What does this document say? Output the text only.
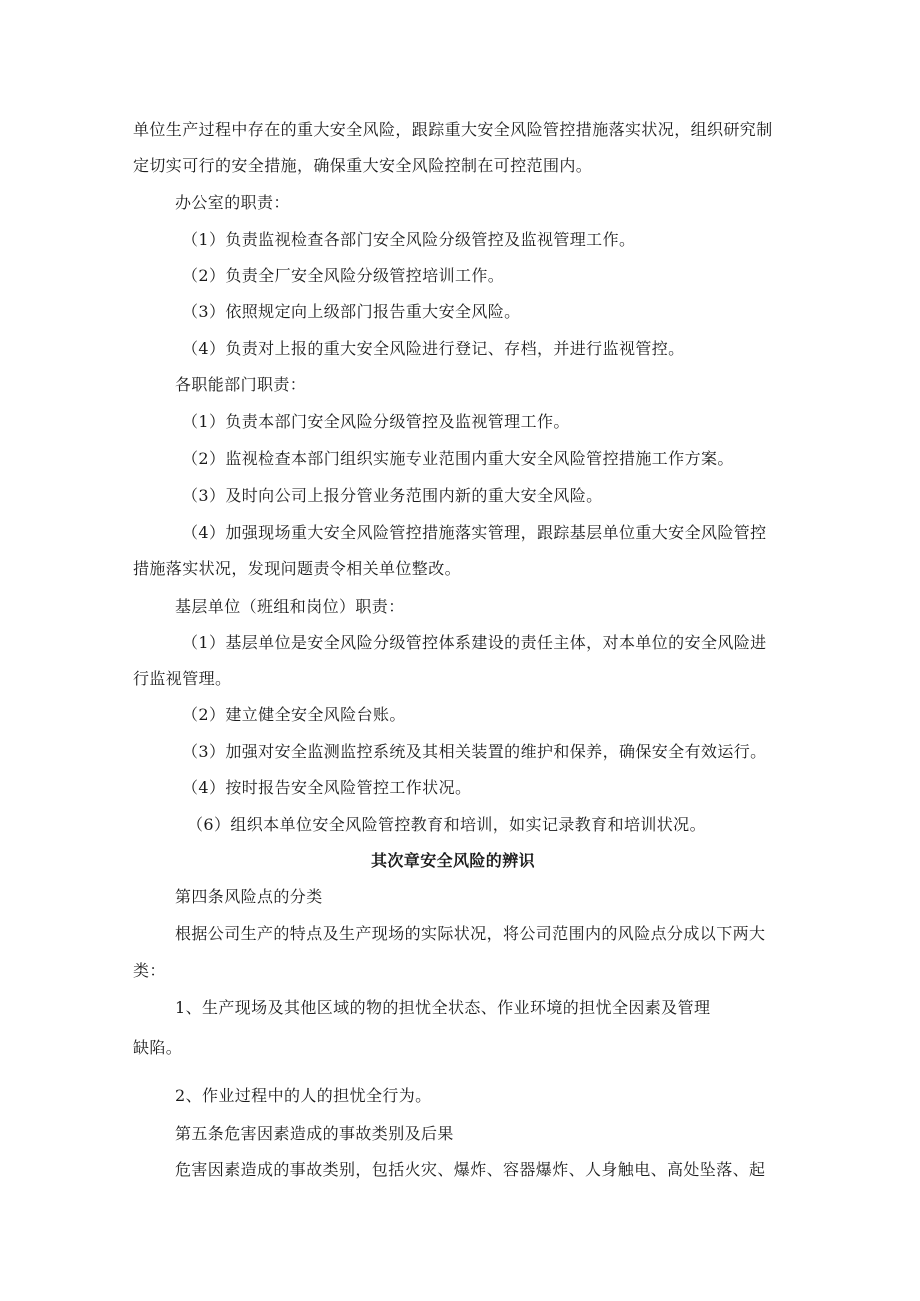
单位生产过程中存在的重大安全风险，跟踪重大安全风险管控措施落实状况，组织研究制
定切实可行的安全措施，确保重大安全风险控制在可控范围内。
办公室的职责：
（1）负责监视检查各部门安全风险分级管控及监视管理工作。
（2）负责全厂安全风险分级管控培训工作。
（3）依照规定向上级部门报告重大安全风险。
（4）负责对上报的重大安全风险进行登记、存档，并进行监视管控。
各职能部门职责：
（1）负责本部门安全风险分级管控及监视管理工作。
（2）监视检查本部门组织实施专业范围内重大安全风险管控措施工作方案。
（3）及时向公司上报分管业务范围内新的重大安全风险。
（4）加强现场重大安全风险管控措施落实管理，跟踪基层单位重大安全风险管控
措施落实状况，发现问题责令相关单位整改。
基层单位（班组和岗位）职责：
（1）基层单位是安全风险分级管控体系建设的责任主体，对本单位的安全风险进
行监视管理。
（2）建立健全安全风险台账。
（3）加强对安全监测监控系统及其相关装置的维护和保养，确保安全有效运行。
（4）按时报告安全风险管控工作状况。
（6）组织本单位安全风险管控教育和培训，如实记录教育和培训状况。
其次章安全风险的辨识
第四条风险点的分类
根据公司生产的特点及生产现场的实际状况，将公司范围内的风险点分成以下两大
类：
1、生产现场及其他区域的物的担忧全状态、作业环境的担忧全因素及管理
缺陷。
2、作业过程中的人的担忧全行为。
第五条危害因素造成的事故类别及后果
危害因素造成的事故类别，包括火灾、爆炸、容器爆炸、人身触电、高处坠落、起
